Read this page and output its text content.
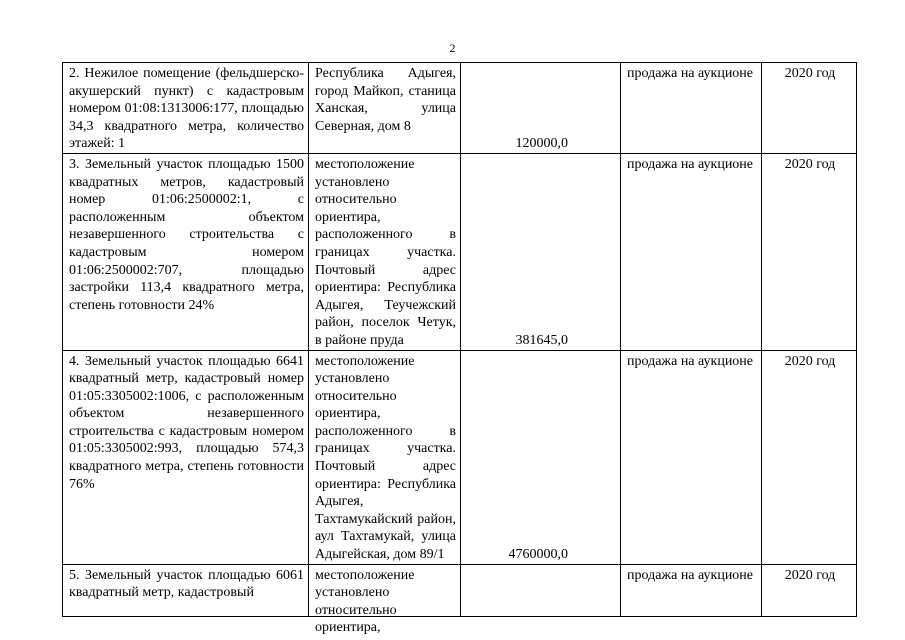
2
2. Нежилое помещение (фельдшерско-акушерский пункт) с кадастровым номером 01:08:1313006:177, площадью 34,3 квадратного метра, количество этажей: 1	Республика Адыгея, город Майкоп, станица Ханская, улица Северная, дом 8	120000,0	продажа на аукционе	2020 год
3. Земельный участок площадью 1500 квадратных метров, кадастровый номер 01:06:2500002:1, с расположенным объектом незавершенного строительства с кадастровым номером 01:06:2500002:707, площадью застройки 113,4 квадратного метра, степень готовности 24%	местоположение установлено относительно ориентира, расположенного в границах участка. Почтовый адрес ориентира: Республика Адыгея, Теучежский район, поселок Четук, в районе пруда	381645,0	продажа на аукционе	2020 год
4. Земельный участок площадью 6641 квадратный метр, кадастровый номер 01:05:3305002:1006, с расположенным объектом незавершенного строительства с кадастровым номером 01:05:3305002:993, площадью 574,3 квадратного метра, степень готовности 76%	местоположение установлено относительно ориентира, расположенного в границах участка. Почтовый адрес ориентира: Республика Адыгея, Тахтамукайский район, аул Тахтамукай, улица Адыгейская, дом 89/1	4760000,0	продажа на аукционе	2020 год

5. Земельный участок площадью 6061 квадратный метр, кадастровый	местоположение установлено относительно ориентира,		продажа на аукционе	2020 год
